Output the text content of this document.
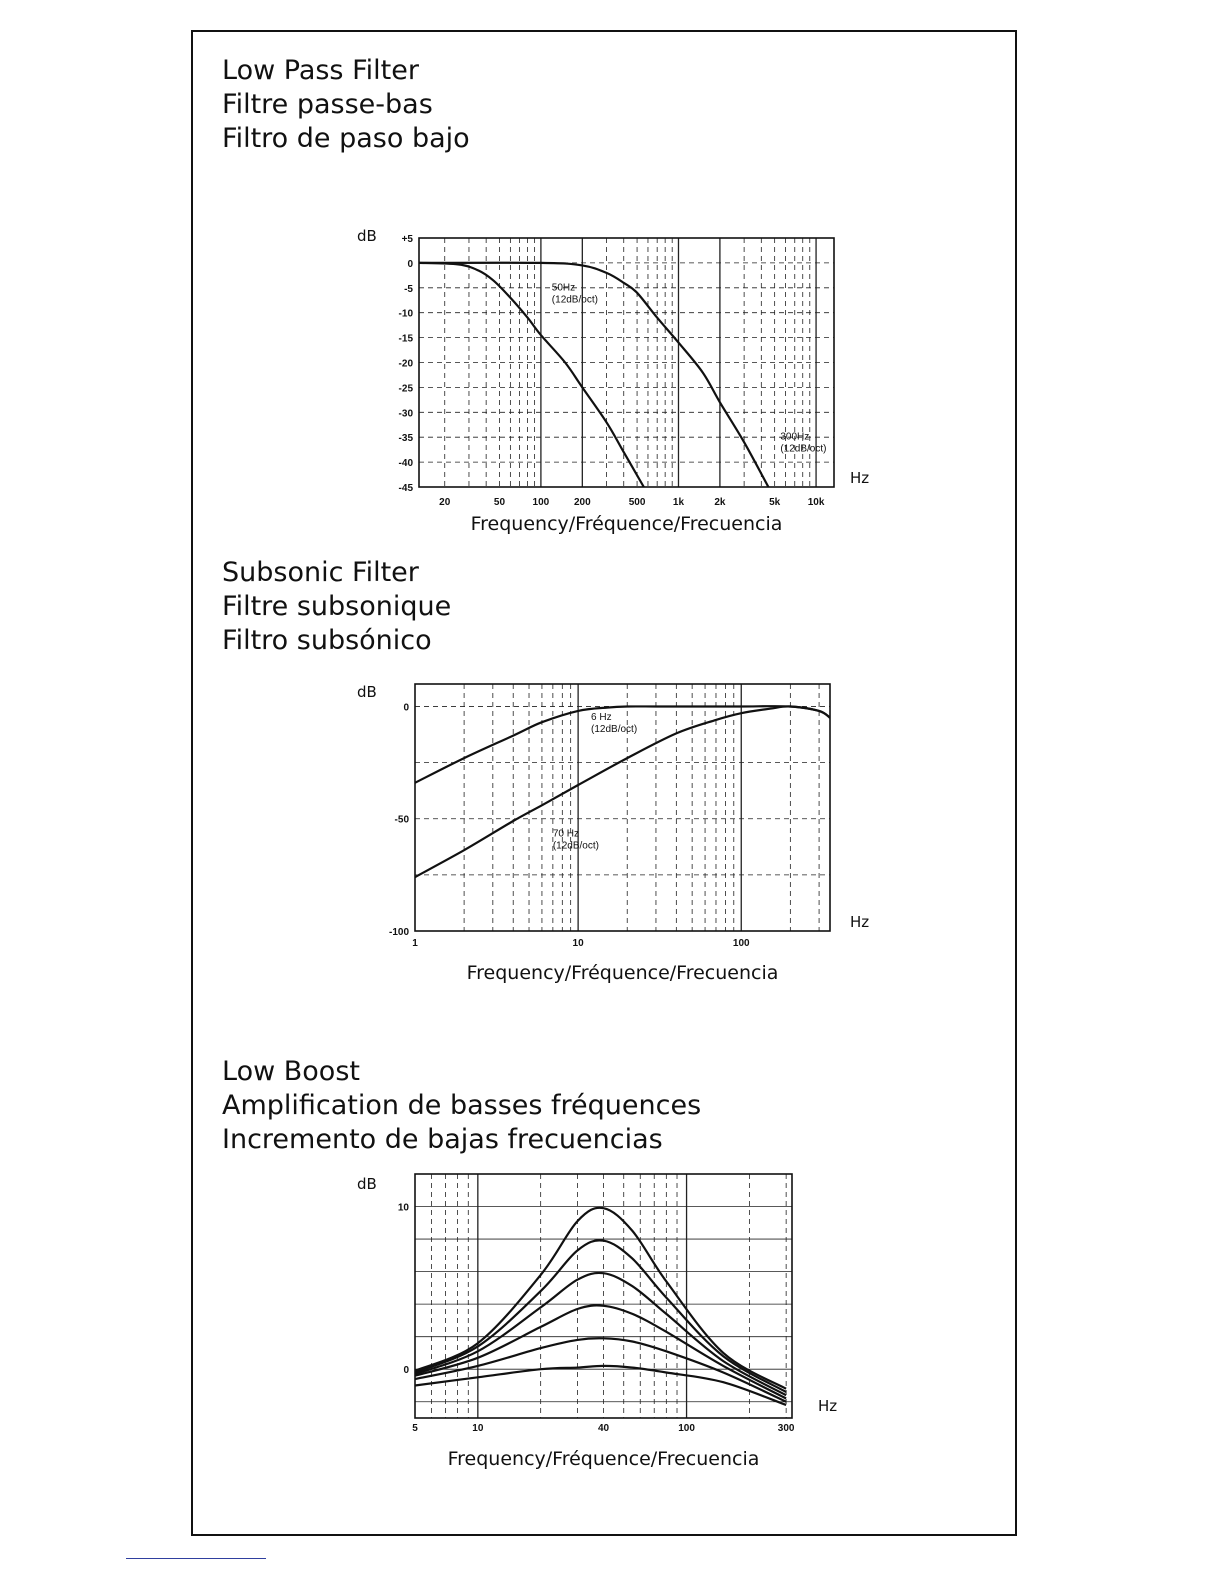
Low Pass Filter
Filtre passe-bas
Filtro de paso bajo
Subsonic Filter
Filtre subsonique
Filtro subsónico
Low Boost
Amplification de basses fréquences
Incremento de bajas frecuencias
+5
0
-5
-10
-15
-20
-25
-30
-35
-40
-45
20	50	100 200	500	1k	2k	5k	10k
dB
Hz
Frequency/Fréquence/Frecuencia
50Hz
(12dB/oct)
300Hz
(12dB/oct)
0
-50
-100
1	10	100
dB
Hz
Frequency/Fréquence/Frecuencia
6 Hz
(12dB/oct)
70 Hz
(12dB/oct)
10
0
5	10	40	100	300
dB
Hz
Frequency/Fréquence/Frecuencia
